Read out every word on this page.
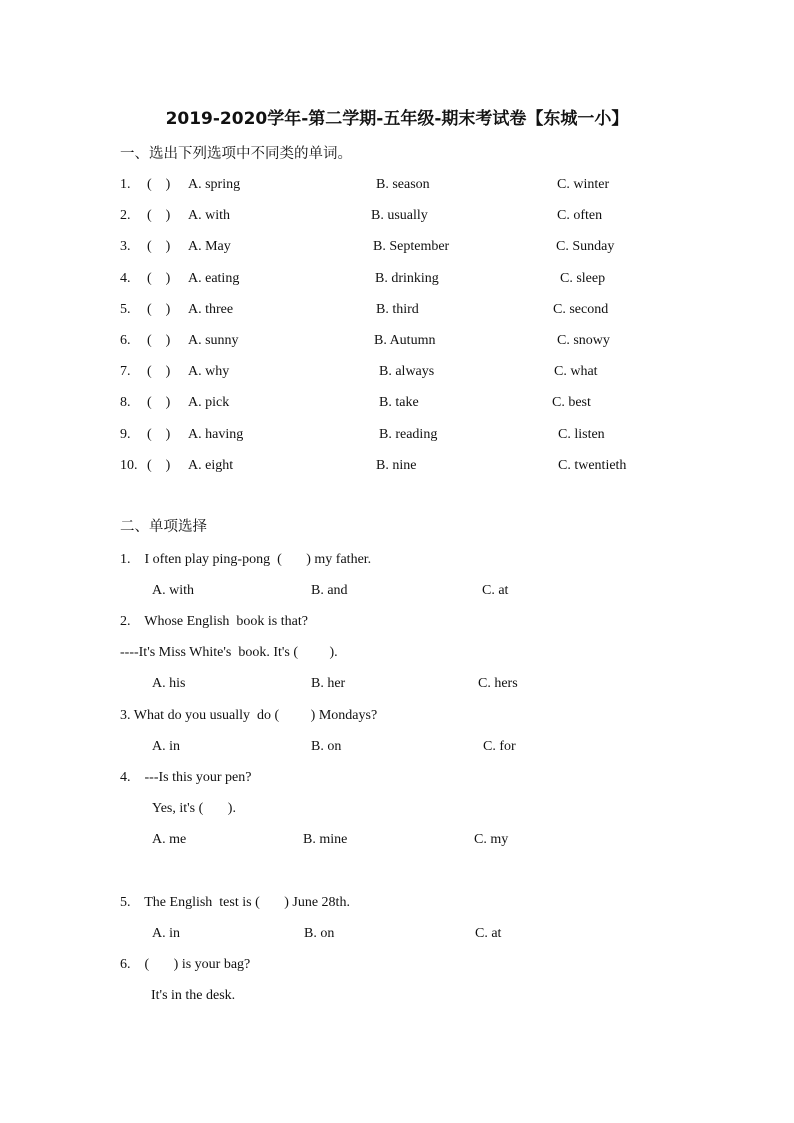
2019-2020学年-第二学期-五年级-期末考试卷【东城一小】
一、选出下列选项中不同类的单词。
1. (    ) A. spring	B. season	C. winter
2. (    ) A. with	B. usually	C. often
3. (    ) A. May	B. September	C. Sunday
4. (    ) A. eating	B. drinking	C. sleep
5. (    ) A. three	B. third	C. second
6. (    ) A. sunny	B. Autumn	C. snowy
7. (    ) A. why	B. always	C. what
8. (    ) A. pick	B. take	C. best
9. (    ) A. having	B. reading	C. listen
10. (    ) A. eight	B. nine	C. twentieth
二、单项选择
1.    I often play ping-pong  (       ) my father.
A. with	B. and	C. at
2.    Whose English  book is that?
----It's Miss White's  book. It's (         ).
A. his	B. her	C. hers
3. What do you usually  do (         ) Mondays?
A. in	B. on	C. for
4.    ---Is this your pen?
Yes, it's (       ).
A. me	B. mine	C. my
5.    The English  test is (       ) June 28th.
A. in	B. on	C. at
6.    (       ) is your bag?
It's in the desk.
